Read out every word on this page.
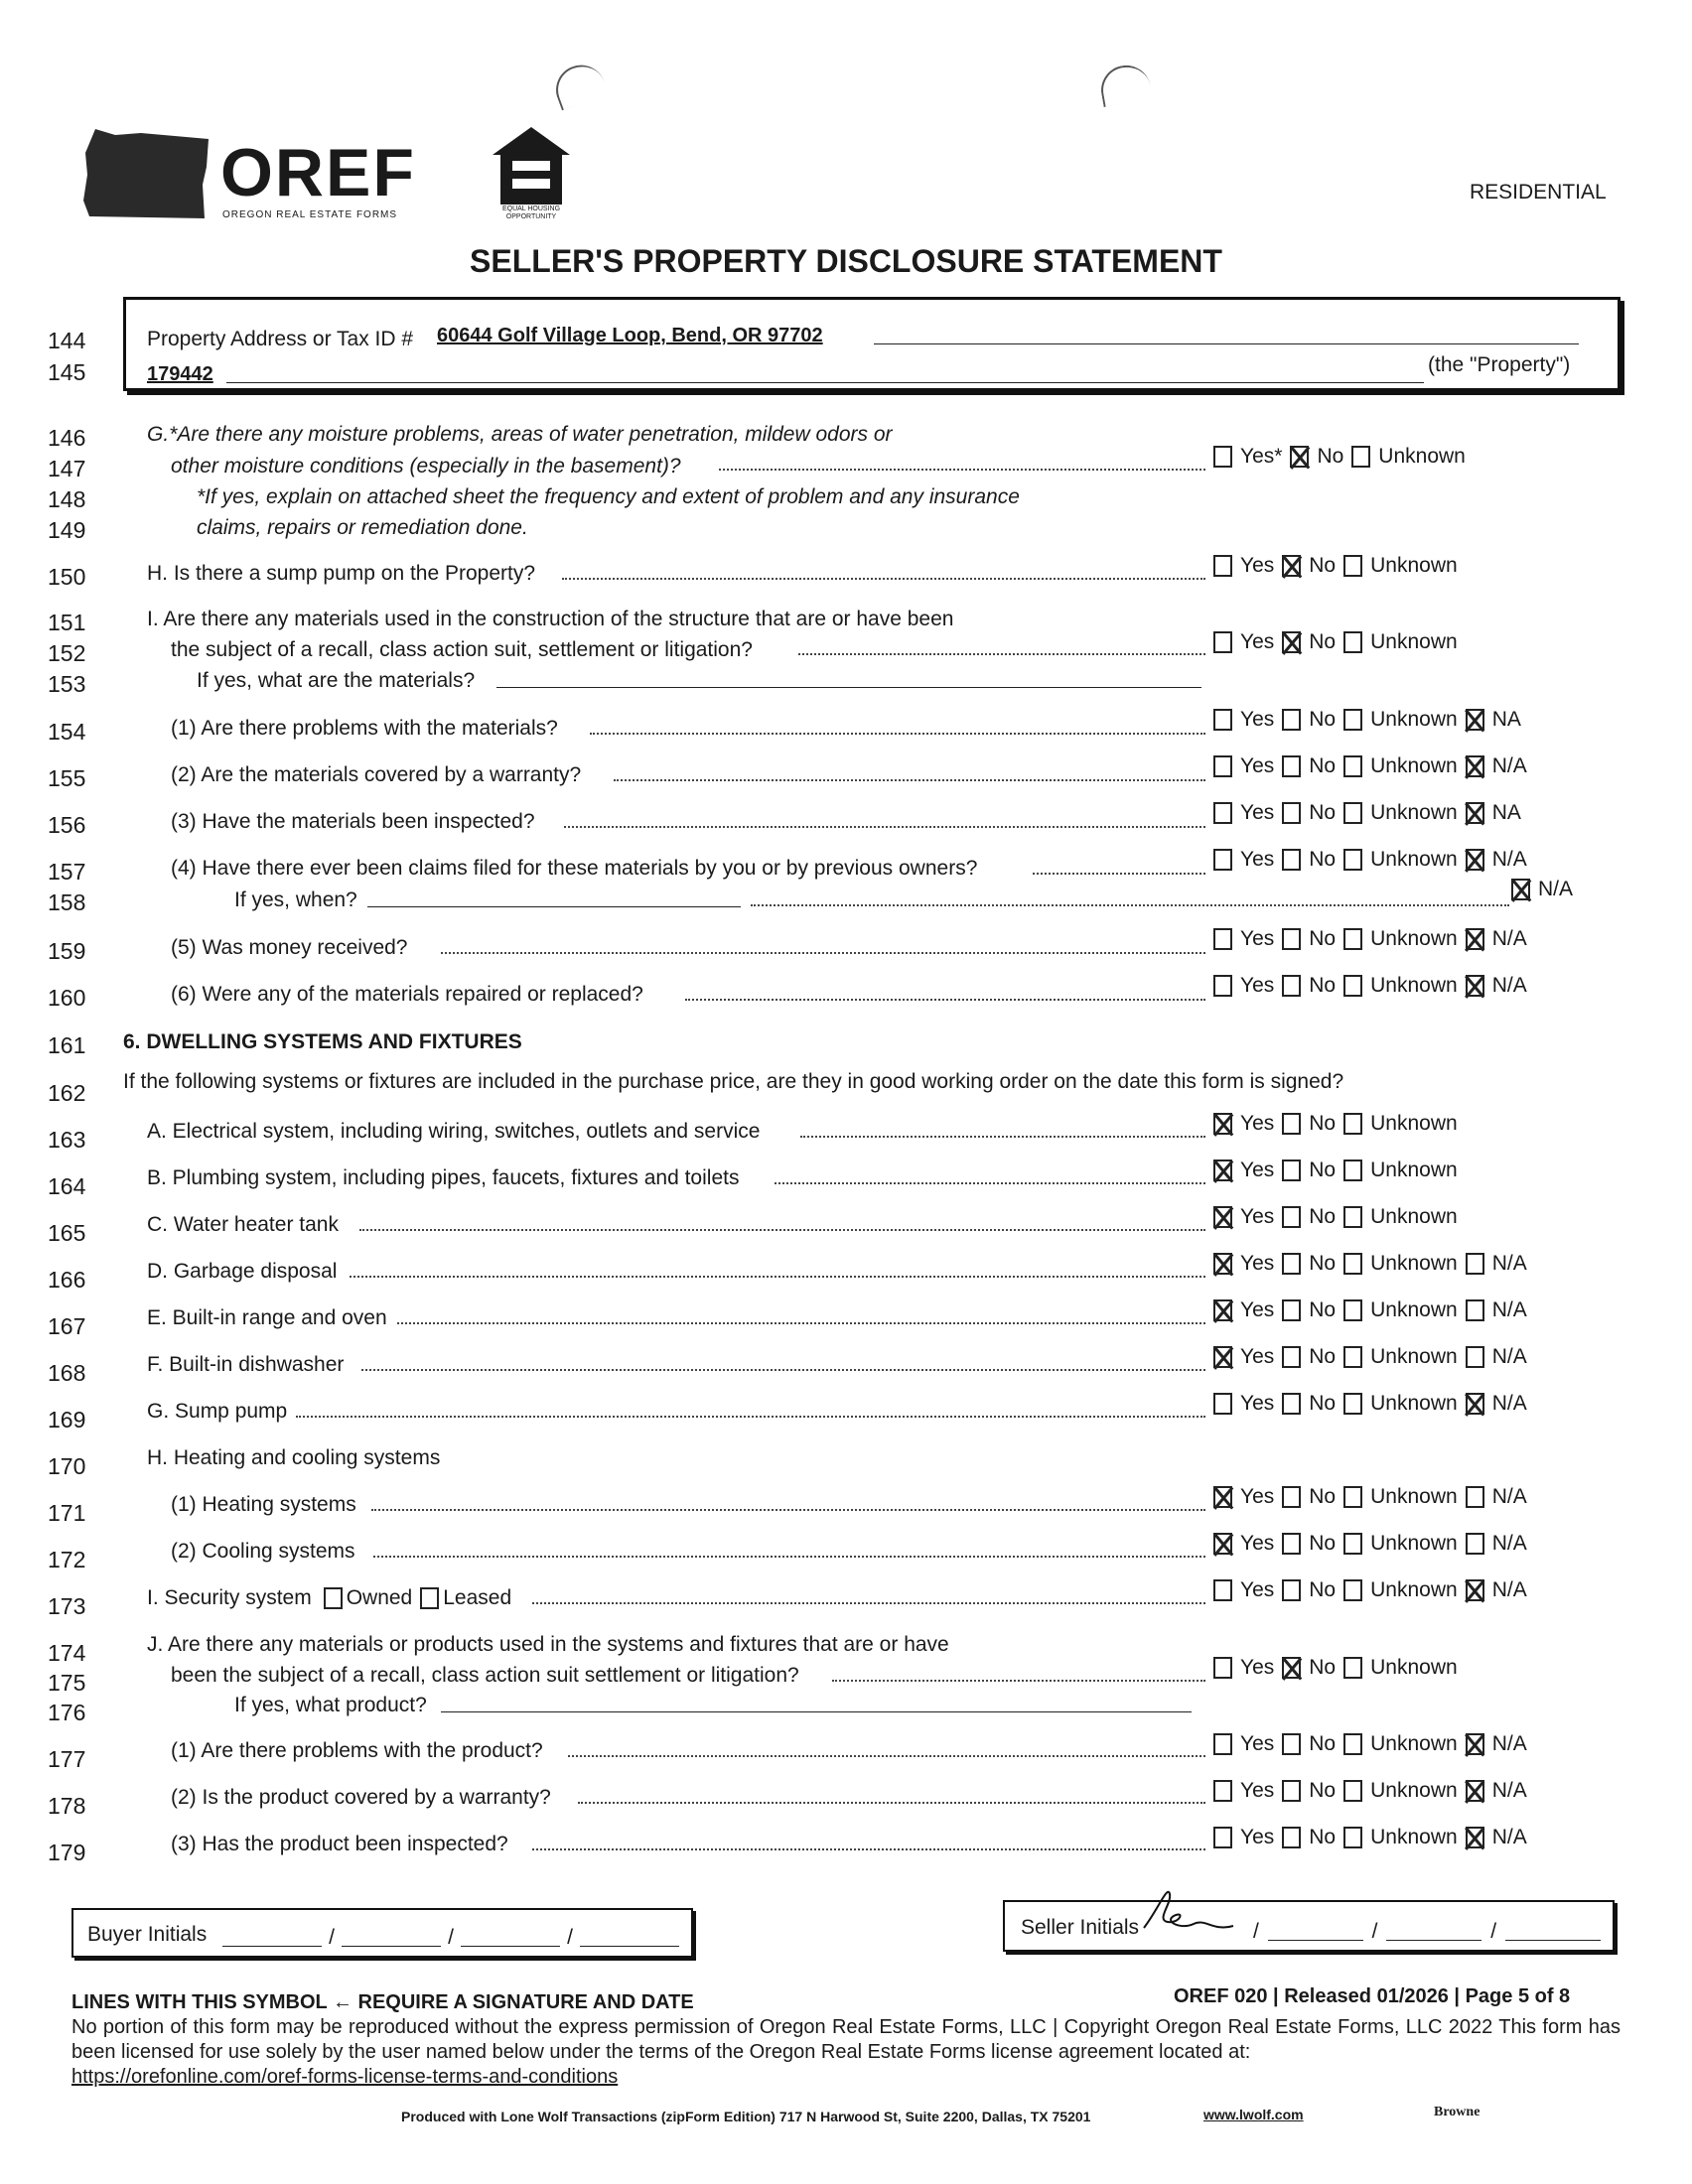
OREF
OREGON REAL ESTATE FORMS
EQUAL HOUSING OPPORTUNITY
RESIDENTIAL
SELLER'S PROPERTY DISCLOSURE STATEMENT
144
145
Property Address or Tax ID # 60644 Golf Village Loop, Bend, OR 97702
179442	(the "Property")
146
147
148
149
G.*Are there any moisture problems, areas of water penetration, mildew odors or
other moisture conditions (especially in the basement)?	Yes* No Unknown
*If yes, explain on attached sheet the frequency and extent of problem and any insurance
claims, repairs or remediation done.
150	H. Is there a sump pump on the Property?	Yes No Unknown
151
152
153
I. Are there any materials used in the construction of the structure that are or have been
the subject of a recall, class action suit, settlement or litigation?	Yes No Unknown
If yes, what are the materials?
154	(1) Are there problems with the materials?	Yes No Unknown NA
155	(2) Are the materials covered by a warranty?	Yes No Unknown N/A
156	(3) Have the materials been inspected?	Yes No Unknown NA
157
158
(4) Have there ever been claims filed for these materials by you or by previous owners?	Yes No Unknown N/A
If yes, when?	N/A
159	(5) Was money received?	Yes No Unknown N/A
160	(6) Were any of the materials repaired or replaced?	Yes No Unknown N/A
161	6. DWELLING SYSTEMS AND FIXTURES
162	If the following systems or fixtures are included in the purchase price, are they in good working order on the date this form is signed?
163	A. Electrical system, including wiring, switches, outlets and service	Yes No Unknown
164	B. Plumbing system, including pipes, faucets, fixtures and toilets	Yes No Unknown
165	C. Water heater tank	Yes No Unknown
166	D. Garbage disposal	Yes No Unknown N/A
167	E. Built-in range and oven	Yes No Unknown N/A
168	F. Built-in dishwasher	Yes No Unknown N/A
169	G. Sump pump	Yes No Unknown N/A
170	H. Heating and cooling systems
171	(1) Heating systems	Yes No Unknown N/A
172	(2) Cooling systems	Yes No Unknown N/A
173	I. Security system Owned Leased	Yes No Unknown N/A
174
175
176
J. Are there any materials or products used in the systems and fixtures that are or have
been the subject of a recall, class action suit settlement or litigation?	Yes No Unknown
If yes, what product?
177	(1) Are there problems with the product?	Yes No Unknown N/A
178	(2) Is the product covered by a warranty?	Yes No Unknown N/A
179	(3) Has the product been inspected?	Yes No Unknown N/A
Buyer Initials	/	/	/	Seller Initials	/	/	/
LINES WITH THIS SYMBOL ← REQUIRE A SIGNATURE AND DATE	OREF 020 | Released 01/2026 | Page 5 of 8
No portion of this form may be reproduced without the express permission of Oregon Real Estate Forms, LLC | Copyright Oregon Real Estate Forms, LLC 2022 This form has been licensed for use solely by the user named below under the terms of the Oregon Real Estate Forms license agreement located at:
https://orefonline.com/oref-forms-license-terms-and-conditions
Produced with Lone Wolf Transactions (zipForm Edition) 717 N Harwood St, Suite 2200, Dallas, TX 75201	www.lwolf.com	Browne
